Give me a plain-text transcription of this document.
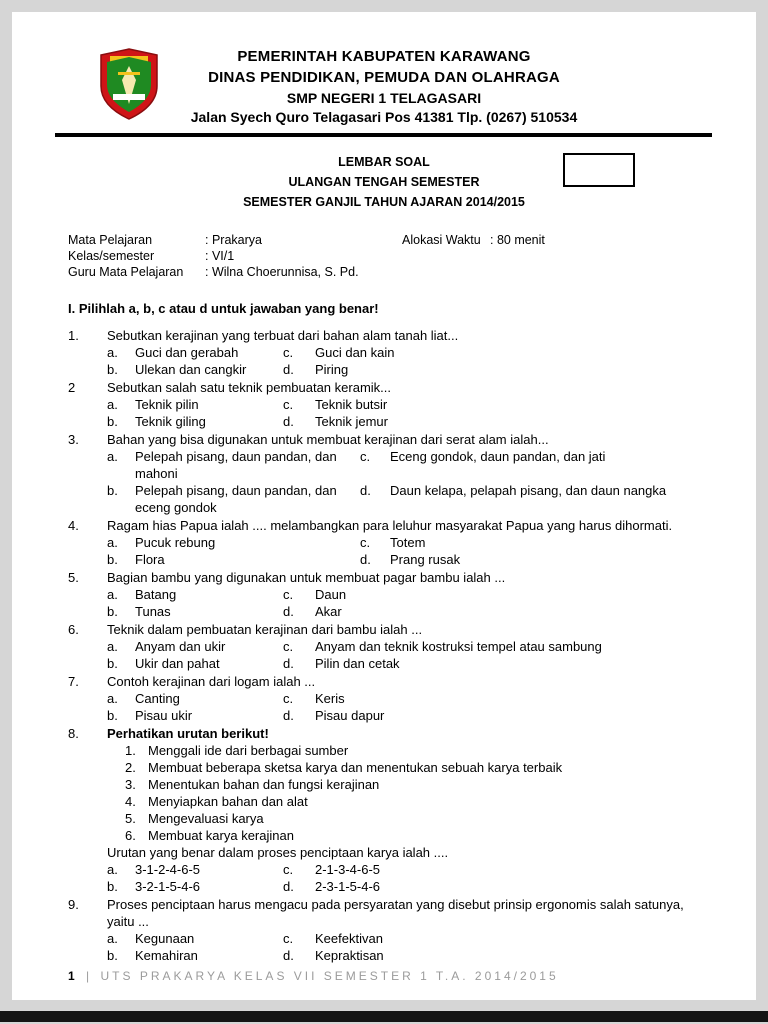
PEMERINTAH KABUPATEN KARAWANG
DINAS PENDIDIKAN, PEMUDA DAN OLAHRAGA
SMP NEGERI 1 TELAGASARI
Jalan Syech Quro Telagasari Pos 41381 Tlp. (0267) 510534
LEMBAR SOAL
ULANGAN TENGAH SEMESTER
SEMESTER GANJIL TAHUN AJARAN 2014/2015
Mata Pelajaran	: Prakarya
Kelas/semester	: VI/1
Guru Mata Pelajaran	: Wilna Choerunnisa, S. Pd.
Alokasi Waktu : 80 menit
I. Pilihlah a, b, c atau d untuk jawaban yang benar!
1.	Sebutkan kerajinan yang terbuat dari bahan alam tanah liat...
a.	Guci dan gerabah	c.	Guci dan kain
b.	Ulekan dan cangkir	d.	Piring
2	Sebutkan salah satu teknik pembuatan keramik...
a.	Teknik pilin	c.	Teknik butsir
b.	Teknik giling	d.	Teknik jemur
3.	Bahan yang bisa digunakan untuk membuat kerajinan dari serat alam ialah...
a.	Pelepah pisang, daun pandan, dan mahoni
c.	Eceng gondok, daun pandan, dan jati
b.	Pelepah pisang, daun pandan, dan eceng gondok
d.	Daun kelapa, pelapah pisang, dan daun nangka
4.	Ragam hias Papua ialah .... melambangkan para leluhur masyarakat Papua yang harus dihormati.
a.	Pucuk rebung	c.	Totem
b.	Flora	d.	Prang rusak
5.	Bagian bambu yang digunakan untuk membuat pagar bambu ialah ...
a.	Batang	c.	Daun
b.	Tunas	d.	Akar
6.	Teknik dalam pembuatan kerajinan dari bambu ialah ...
a.	Anyam dan ukir	c.	Anyam dan teknik kostruksi tempel atau sambung
b.	Ukir dan pahat	d.	Pilin dan cetak
7.	Contoh kerajinan dari logam ialah ...
a.	Canting	c.	Keris
b.	Pisau ukir	d.	Pisau dapur
8.	Perhatikan urutan berikut!
1. Menggali ide dari berbagai sumber
2. Membuat beberapa sketsa karya dan menentukan sebuah karya terbaik
3. Menentukan bahan dan fungsi kerajinan
4. Menyiapkan bahan dan alat
5. Mengevaluasi karya
6. Membuat karya kerajinan
Urutan yang benar dalam proses penciptaan karya ialah ....
a.	3-1-2-4-6-5	c.	2-1-3-4-6-5
b.	3-2-1-5-4-6	d.	2-3-1-5-4-6
9.	Proses penciptaan harus mengacu pada persyaratan yang disebut prinsip ergonomis salah satunya, yaitu ...
a.	Kegunaan	c.	Keefektivan
b.	Kemahiran	d.	Kepraktisan
1 | UTS PRAKARYA KELAS VII SEMESTER 1 T.A. 2014/2015
